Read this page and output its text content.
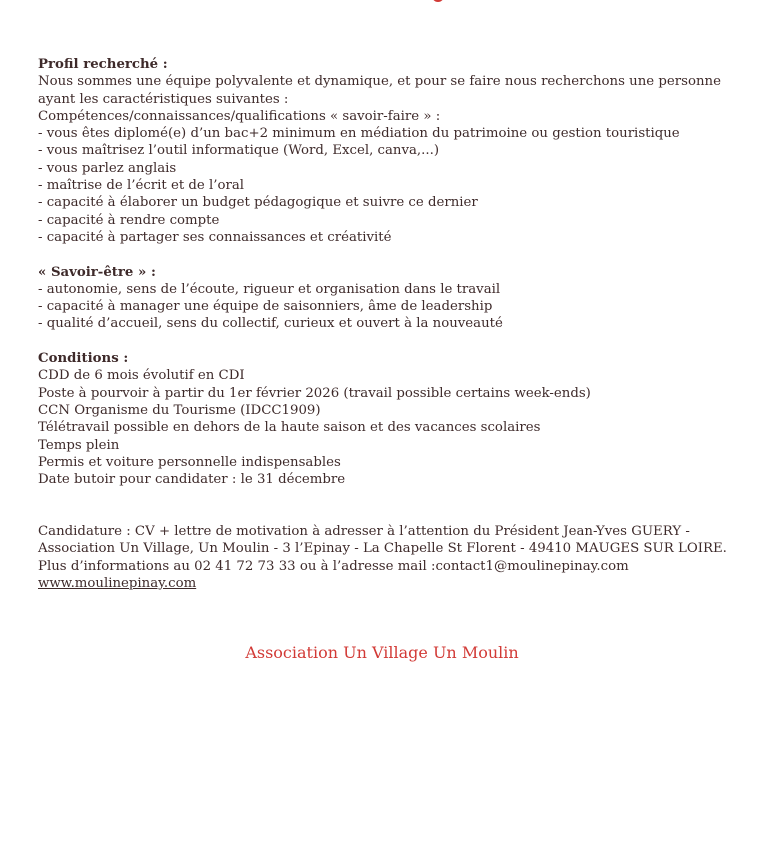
Profil recherché :

Nous sommes une équipe polyvalente et dynamique, et pour se faire nous recherchons une personne

ayant les caractéristiques suivantes :

Compétences/connaissances/qualifications « savoir-faire » :

- vous êtes diplomé(e) d’un bac+2 minimum en médiation du patrimoine ou gestion touristique

- vous maîtrisez l’outil informatique (Word, Excel, canva,...)

- vous parlez anglais

- maîtrise de l’écrit et de l’oral

- capacité à élaborer un budget pédagogique et suivre ce dernier

- capacité à rendre compte

- capacité à partager ses connaissances et créativité

« Savoir-être » :

- autonomie, sens de l’écoute, rigueur et organisation dans le travail

- capacité à manager une équipe de saisonniers, âme de leadership

- qualité d’accueil, sens du collectif, curieux et ouvert à la nouveauté

Conditions :

CDD de 6 mois évolutif en CDI

Poste à pourvoir à partir du 1er février 2026 (travail possible certains week-ends)

CCN Organisme du Tourisme (IDCC1909)

Télétravail possible en dehors de la haute saison et des vacances scolaires

Temps plein

Permis et voiture personnelle indispensables

Date butoir pour candidater : le 31 décembre

Candidature : CV + lettre de motivation à adresser à l’attention du Président Jean-Yves GUERY -

Association Un Village, Un Moulin - 3 l’Epinay - La Chapelle St Florent - 49410 MAUGES SUR LOIRE.

Plus d’informations au 02 41 72 73 33 ou à l’adresse mail :contact1@moulinepinay.com

www.moulinepinay.com

Association Un Village Un Moulin
